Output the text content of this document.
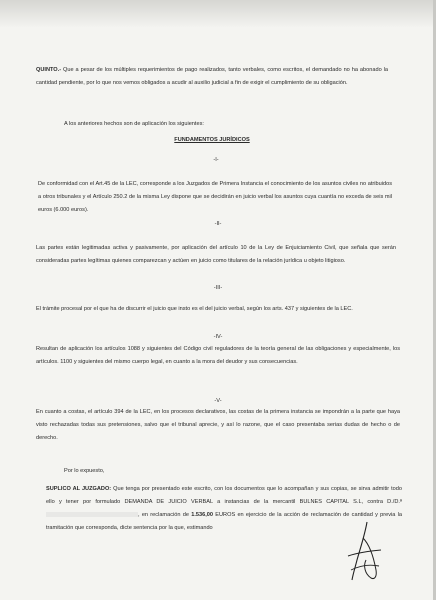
QUINTO.- Que a pesar de los múltiples requerimientos de pago realizados, tanto verbales, como escritos, el demandado no ha abonado la cantidad pendiente, por lo que nos vemos obligados a acudir al auxilio judicial a fin de exigir el cumplimiento de su obligación.

A los anteriores hechos son de aplicación los siguientes:

FUNDAMENTOS JURÍDICOS

-I-

De conformidad con el Art.45 de la LEC, corresponde a los Juzgados de Primera Instancia el conocimiento de los asuntos civiles no atribuidos a otros tribunales y el Artículo 250.2 de la misma Ley dispone que se decidirán en juicio verbal los asuntos cuya cuantía no exceda de seis mil euros (6.000 euros).

-II-

Las partes están legitimadas activa y pasivamente, por aplicación del artículo 10 de la Ley de Enjuiciamiento Civil, que señala que serán consideradas partes legítimas quienes comparezcan y actúen en juicio como titulares de la relación jurídica u objeto litigioso.

-III-

El trámite procesal por el que ha de discurrir el juicio que insto es el del juicio verbal, según los arts. 437 y siguientes de la LEC.

-IV-

Resultan de aplicación los artículos 1088 y siguientes del Código civil reguladores de la teoría general de las obligaciones y especialmente, los artículos. 1100 y siguientes del mismo cuerpo legal, en cuanto a la mora del deudor y sus consecuencias.

-V-

En cuanto a costas, el artículo 394 de la LEC, en los procesos declarativos, las costas de la primera instancia se impondrán a la parte que haya visto rechazadas todas sus pretensiones, salvo que el tribunal aprecie, y así lo razone, que el caso presentaba serias dudas de hecho o de derecho.

Por lo expuesto,

SUPLICO AL JUZGADO: Que tenga por presentado este escrito, con los documentos que lo acompañan y sus copias, se sirva admitir todo ello y tener por formulado DEMANDA DE JUICIO VERBAL a instancias de la mercantil BULNES CAPITAL S.L, contra D./D.ª , en reclamación de 1.536,00 EUROS en ejercicio de la acción de reclamación de cantidad y previa la tramitación que corresponda, dicte sentencia por la que, estimando
